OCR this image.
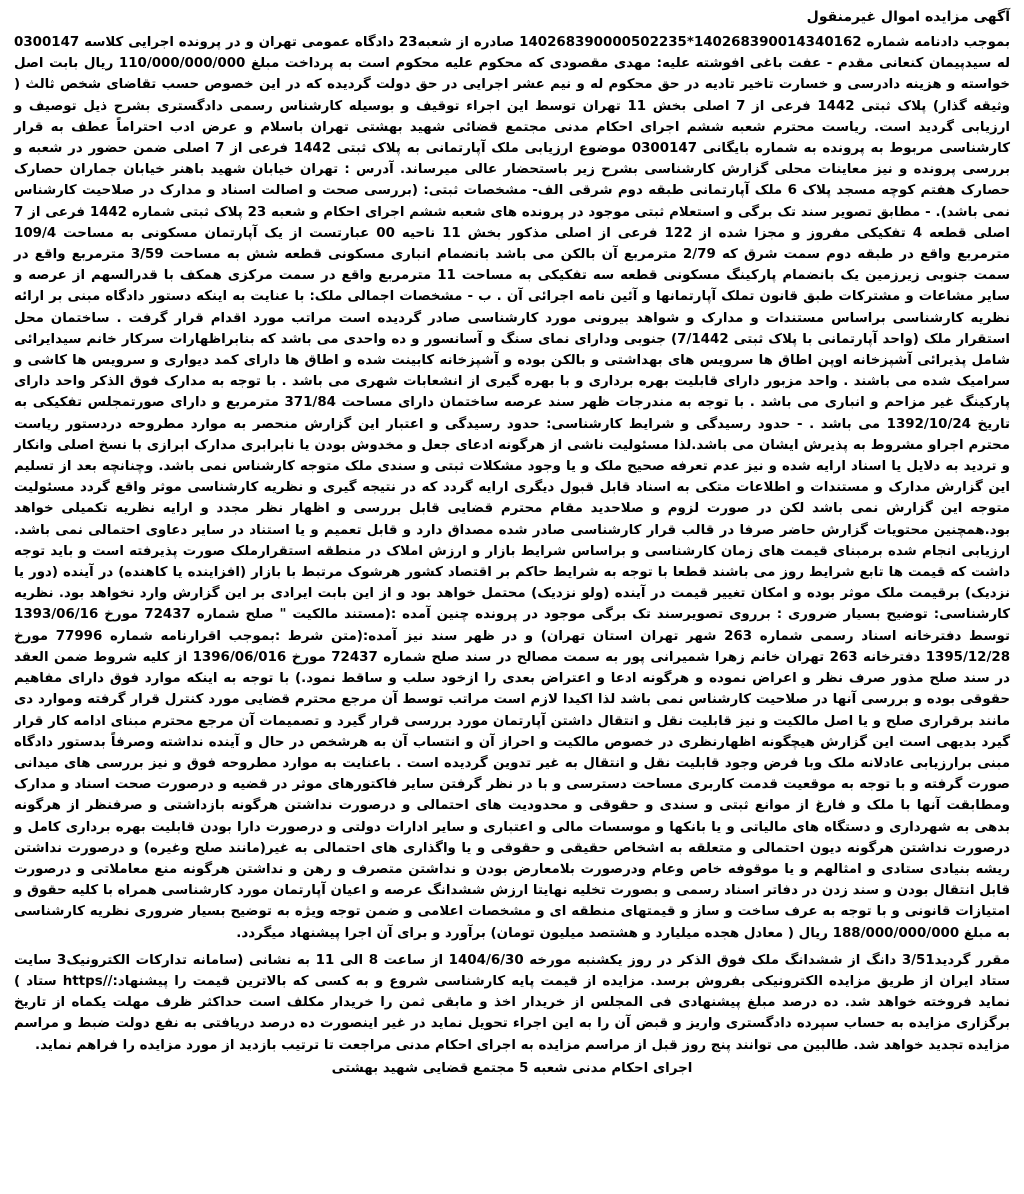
آگهی مزایده اموال غیرمنقول

بموجب دادنامه شماره 140268390014340162*140268390000502235 صادره از شعبه23 دادگاه عمومی تهران و در پرونده اجرایی کلاسه 0300147 له سیدپیمان کنعانی مقدم - عفت باغی افوشته علیه: مهدی مقصودی که محکوم علیه محکوم است به پرداخت مبلغ 110/000/000/000 ریال بابت اصل خواسته و هزینه دادرسی و خسارت تاخیر تادیه در حق محکوم له و نیم عشر اجرایی در حق دولت گردیده که در این خصوص حسب تقاضای شخص ثالث ( وثیقه گذار) پلاک ثبتی 1442 فرعی از 7 اصلی بخش 11 تهران توسط این اجراء توقیف و بوسیله کارشناس رسمی دادگستری بشرح ذیل توصیف و ارزیابی گردید است. ریاست محترم شعبه ششم اجرای احکام مدنی مجتمع قضائی شهید بهشتی تهران باسلام و عرض ادب احتراماً عطف به قرار کارشناسی مربوط به پرونده به شماره بایگانی 0300147 موضوع ارزیابی ملک آپارتمانی به پلاک ثبتی 1442 فرعی از 7 اصلی ضمن حضور در شعبه و بررسی پرونده و نیز معاینات محلی گزارش کارشناسی بشرح زیر باستحضار عالی میرساند. آدرس : تهران خیابان شهید باهنر خیابان جماران حصارک حصارک هفتم کوچه مسجد پلاک 6 ملک آپارتمانی طبقه دوم شرقی الف- مشخصات ثبتی: (بررسی صحت و اصالت اسناد و مدارک در صلاحیت کارشناس نمی باشد). - مطابق تصویر سند تک برگی و استعلام ثبتی موجود در پرونده های شعبه ششم اجرای احکام و شعبه 23 پلاک ثبتی شماره 1442 فرعی از 7 اصلی قطعه 4 تفکیکی مفروز و مجزا شده از 122 فرعی از اصلی مذکور بخش 11 ناحیه 00 عبارتست از یک آپارتمان مسکونی به مساحت 109/4 مترمربع واقع در طبقه دوم سمت شرق که 2/79 مترمربع آن بالکن می باشد بانضمام انباری مسکونی قطعه شش به مساحت 3/59 مترمربع واقع در سمت جنوبی زیرزمین یک بانضمام پارکینگ مسکونی قطعه سه تفکیکی به مساحت 11 مترمربع واقع در سمت مرکزی همکف با قدرالسهم از عرصه و سایر مشاعات و مشترکات طبق قانون تملک آپارتمانها و آئین نامه اجرائی آن . ب - مشخصات اجمالی ملک: با عنایت به اینکه دستور دادگاه مبنی بر ارائه نظریه کارشناسی براساس مستندات و مدارک و شواهد بیرونی مورد کارشناسی صادر گردیده است مراتب مورد اقدام قرار گرفت . ساختمان محل استقرار ملک (واحد آپارتمانی با پلاک ثبتی 7/1442) جنوبی ودارای نمای سنگ و آسانسور و ده واحدی می باشد که بنابراظهارات سرکار خانم سیدایرائی شامل پذیرائی آشپزخانه اوپن اطاق ها سرویس های بهداشتی و بالکن بوده و آشپزخانه کابینت شده و اطاق ها دارای کمد دیواری و سرویس ها کاشی و سرامیک شده می باشند . واحد مزبور دارای قابلیت بهره برداری و با بهره گیری از انشعابات شهری می باشد . با توجه به مدارک فوق الذکر واحد دارای پارکینگ غیر مزاحم و انباری می باشد . با توجه به مندرجات ظهر سند عرصه ساختمان دارای مساحت 371/84 مترمربع و دارای صورتمجلس تفکیکی به تاریخ 1392/10/24 می باشد . - حدود رسیدگی و شرایط کارشناسی: حدود رسیدگی و اعتبار این گزارش منحصر به موارد مطروحه دردستور ریاست محترم اجراو مشروط به پذیرش ایشان می باشد.لذا مسئولیت ناشی از هرگونه ادعای جعل و مخدوش بودن یا نابرابری مدارک ابرازی با نسخ اصلی وانکار و تردید به دلایل یا اسناد ارایه شده و نیز عدم تعرفه صحیح ملک و یا وجود مشکلات ثبتی و سندی ملک متوجه کارشناس نمی باشد. وچنانچه بعد از تسلیم این گزارش مدارک و مستندات و اطلاعات متکی به اسناد قابل قبول دیگری ارایه گردد که در نتیجه گیری و نظریه کارشناسی موثر واقع گردد مسئولیت متوجه این گزارش نمی باشد لکن در صورت لزوم و صلاحدید مقام محترم قضایی قابل بررسی و اظهار نظر مجدد و ارایه نظریه تکمیلی خواهد بود.همچنین محتویات گزارش حاضر صرفا در قالب قرار کارشناسی صادر شده مصداق دارد و قابل تعمیم و یا استناد در سایر دعاوی احتمالی نمی باشد. ارزیابی انجام شده برمبنای قیمت های زمان کارشناسی و براساس شرایط بازار و ارزش املاک در منطقه استقرارملک صورت پذیرفته است و باید توجه داشت که قیمت ها تابع شرایط روز می باشند قطعا با توجه به شرایط حاکم بر اقتصاد کشور هرشوک مرتبط با بازار (افزاینده یا کاهنده) در آینده (دور یا نزدیک) برقیمت ملک موثر بوده و امکان تغییر قیمت در آینده (ولو نزدیک) محتمل خواهد بود و از این بابت ایرادی بر این گزارش وارد نخواهد بود. نظریه کارشناسی: توضیح بسیار ضروری : برروی تصویرسند تک برگی موجود در پرونده چنین آمده :(مستند مالکیت " صلح شماره 72437 مورخ 1393/06/16 توسط دفترخانه اسناد رسمی شماره 263 شهر تهران استان تهران) و در ظهر سند نیز آمده:(متن شرط :بموجب اقرارنامه شماره 77996 مورخ 1395/12/28 دفترخانه 263 تهران خانم زهرا شمیرانی پور به سمت مصالح در سند صلح شماره 72437 مورخ 1396/06/016 از کلیه شروط ضمن العقد در سند صلح مذور صرف نظر و اعراض نموده و هرگونه ادعا و اعتراض بعدی را ازخود سلب و ساقط نمود.) با توجه به اینکه موارد فوق دارای مفاهیم حقوقی بوده و بررسی آنها در صلاحیت کارشناس نمی باشد لذا اکیدا لازم است مراتب توسط آن مرجع محترم قضایی مورد کنترل قرار گرفته وموارد دی مانند برقراری صلح و یا اصل مالکیت و نیز قابلیت نقل و انتقال داشتن آپارتمان مورد بررسی قرار گیرد و تصمیمات آن مرجع محترم مبنای ادامه کار قرار گیرد بدیهی است این گزارش هیچگونه اظهارنظری در خصوص مالکیت و احراز آن و انتساب آن به هرشخص در حال و آینده نداشته وصرفاً بدستور دادگاه مبنی برارزیابی عادلانه ملک وبا فرض وجود قابلیت نقل و انتقال به غیر تدوین گردیده است . باعنایت به موارد مطروحه فوق و نیز بررسی های میدانی صورت گرفته و با توجه به موقعیت قدمت کاربری مساحت دسترسی و با در نظر گرفتن سایر فاکتورهای موثر در قضیه و درصورت صحت اسناد و مدارک ومطابقت آنها با ملک و فارغ از موانع ثبتی و سندی و حقوقی و محدودیت های احتمالی و درصورت نداشتن هرگونه بازداشتی و صرفنظر از هرگونه بدهی به شهرداری و دستگاه های مالیاتی و یا بانکها و موسسات مالی و اعتباری و سایر ادارات دولتی و درصورت دارا بودن قابلیت بهره برداری کامل و درصورت نداشتن هرگونه دیون احتمالی و متعلقه به اشخاص حقیقی و حقوقی و یا واگذاری های احتمالی به غیر(مانند صلح وغیره) و درصورت نداشتن ریشه بنیادی ستادی و امثالهم و یا موقوفه خاص وعام ودرصورت بلامعارض بودن و نداشتن متصرف و رهن و نداشتن هرگونه منع معاملاتی و درصورت قابل انتقال بودن و سند زدن در دفاتر اسناد رسمی و بصورت تخلیه نهایتا ارزش ششدانگ عرصه و اعیان آپارتمان مورد کارشناسی همراه با کلیه حقوق و امتیازات قانونی و با توجه به عرف ساخت و ساز و قیمتهای منطقه ای و مشخصات اعلامی و ضمن توجه ویژه به توضیح بسیار ضروری نظریه کارشناسی به مبلغ 188/000/000/000 ریال ( معادل هجده میلیارد و هشتصد میلیون تومان) برآورد و برای آن اجرا پیشنهاد میگردد.

مقرر گردید3/51 دانگ از ششدانگ ملک فوق الذکر در روز یکشنبه مورخه 1404/6/30 از ساعت 8 الی 11 به نشانی (سامانه تدارکات الکترونیک3 سایت ستاد ایران از طریق مزایده الکترونیکی بفروش برسد. مزایده از قیمت پایه کارشناسی شروع و به کسی که بالاترین قیمت را پیشنهاد://https ستاد ) نماید فروخته خواهد شد. ده درصد مبلغ پیشنهادی فی المجلس از خریدار اخذ و مابقی ثمن را خریدار مکلف است حداکثر ظرف مهلت یکماه از تاریخ برگزاری مزایده به حساب سپرده دادگستری واریز و قبض آن را به این اجراء تحویل نماید در غیر اینصورت ده درصد دریافتی به نفع دولت ضبط و مراسم مزایده تجدید خواهد شد. طالبین می توانند پنج روز قبل از مراسم مزایده به اجرای احکام مدنی مراجعت تا ترتیب بازدید از مورد مزایده را فراهم نماید.

اجرای احکام مدنی شعبه 5 مجتمع قضایی شهید بهشتی
